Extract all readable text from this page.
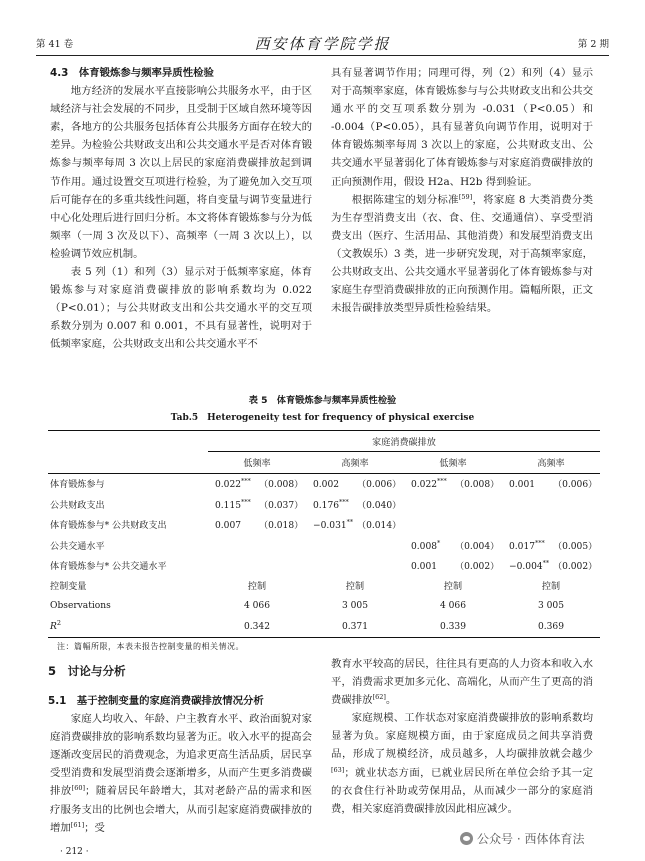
第 41 卷	西安体育学院学报	第 2 期

4.3　体育锻炼参与频率异质性检验

地方经济的发展水平直接影响公共服务水平，由于区域经济与社会发展的不同步，且受制于区域自然环境等因素，各地方的公共服务包括体育公共服务方面存在较大的差异。为检验公共财政支出和公共交通水平是否对体育锻炼参与频率每周 3 次以上居民的家庭消费碳排放起到调节作用。通过设置交互项进行检验，为了避免加入交互项后可能存在的多重共线性问题，将自变量与调节变量进行中心化处理后进行回归分析。本文将体育锻炼参与分为低频率（一周 3 次及以下）、高频率（一周 3 次以上），以检验调节效应机制。

表 5 列（1）和列（3）显示对于低频率家庭，体育锻炼参与对家庭消费碳排放的影响系数均为 0.022（P<0.01）；与公共财政支出和公共交通水平的交互项系数分别为 0.007 和 0.001，不具有显著性，说明对于低频率家庭，公共财政支出和公共交通水平不

具有显著调节作用；同理可得，列（2）和列（4）显示对于高频率家庭，体育锻炼参与与公共财政支出和公共交通水平的交互项系数分别为 -0.031（P<0.05）和 -0.004（P<0.05），具有显著负向调节作用，说明对于体育锻炼频率每周 3 次以上的家庭，公共财政支出、公共交通水平显著弱化了体育锻炼参与对家庭消费碳排放的正向预测作用，假设 H2a、H2b 得到验证。

根据陈建宝的划分标准[59]，将家庭 8 大类消费分类为生存型消费支出（衣、食、住、交通通信）、享受型消费支出（医疗、生活用品、其他消费）和发展型消费支出（文教娱乐）3 类，进一步研究发现，对于高频率家庭，公共财政支出、公共交通水平显著弱化了体育锻炼参与对家庭生存型消费碳排放的正向预测作用。篇幅所限，正文未报告碳排放类型异质性检验结果。

表 5　体育锻炼参与频率异质性检验
Tab.5　Heterogeneity test for frequency of physical exercise
	家庭消费碳排放			
	低频率	高频率	低频率	高频率
体育锻炼参与	0.022*** （0.008）	0.002 （0.006）	0.022*** （0.008）	0.001 （0.006）
公共财政支出	0.115*** （0.037）	0.176*** （0.040）		
体育锻炼参与* 公共财政支出	0.007 （0.018）	−0.031** （0.014）		
公共交通水平			0.008* （0.004）	0.017*** （0.005）
体育锻炼参与* 公共交通水平			0.001 （0.002）	−0.004** （0.002）
控制变量	控制	控制	控制	控制
Observations	4 066	3 005	4 066	3 005
$R^2$	0.342	0.371	0.339	0.369
注：篇幅所限，本表未报告控制变量的相关情况。

5　讨论与分析

5.1　基于控制变量的家庭消费碳排放情况分析

家庭人均收入、年龄、户主教育水平、政治面貌对家庭消费碳排放的影响系数均显著为正。收入水平的提高会逐渐改变居民的消费观念，为追求更高生活品质，居民享受型消费和发展型消费会逐渐增多，从而产生更多消费碳排放[60]；随着居民年龄增大，其对老龄产品的需求和医疗服务支出的比例也会增大，从而引起家庭消费碳排放的增加[61]；受

教育水平较高的居民，往往具有更高的人力资本和收入水平，消费需求更加多元化、高端化，从而产生了更高的消费碳排放[62]。

家庭规模、工作状态对家庭消费碳排放的影响系数均显著为负。家庭规模方面，由于家庭成员之间共享消费品，形成了规模经济，成员越多，人均碳排放就会越少[63]；就业状态方面，已就业居民所在单位会给予其一定的衣食住行补助或劳保用品，从而减少一部分的家庭消费，相关家庭消费碳排放因此相应减少。

· 212 ·
公众号 · 西体体育法
